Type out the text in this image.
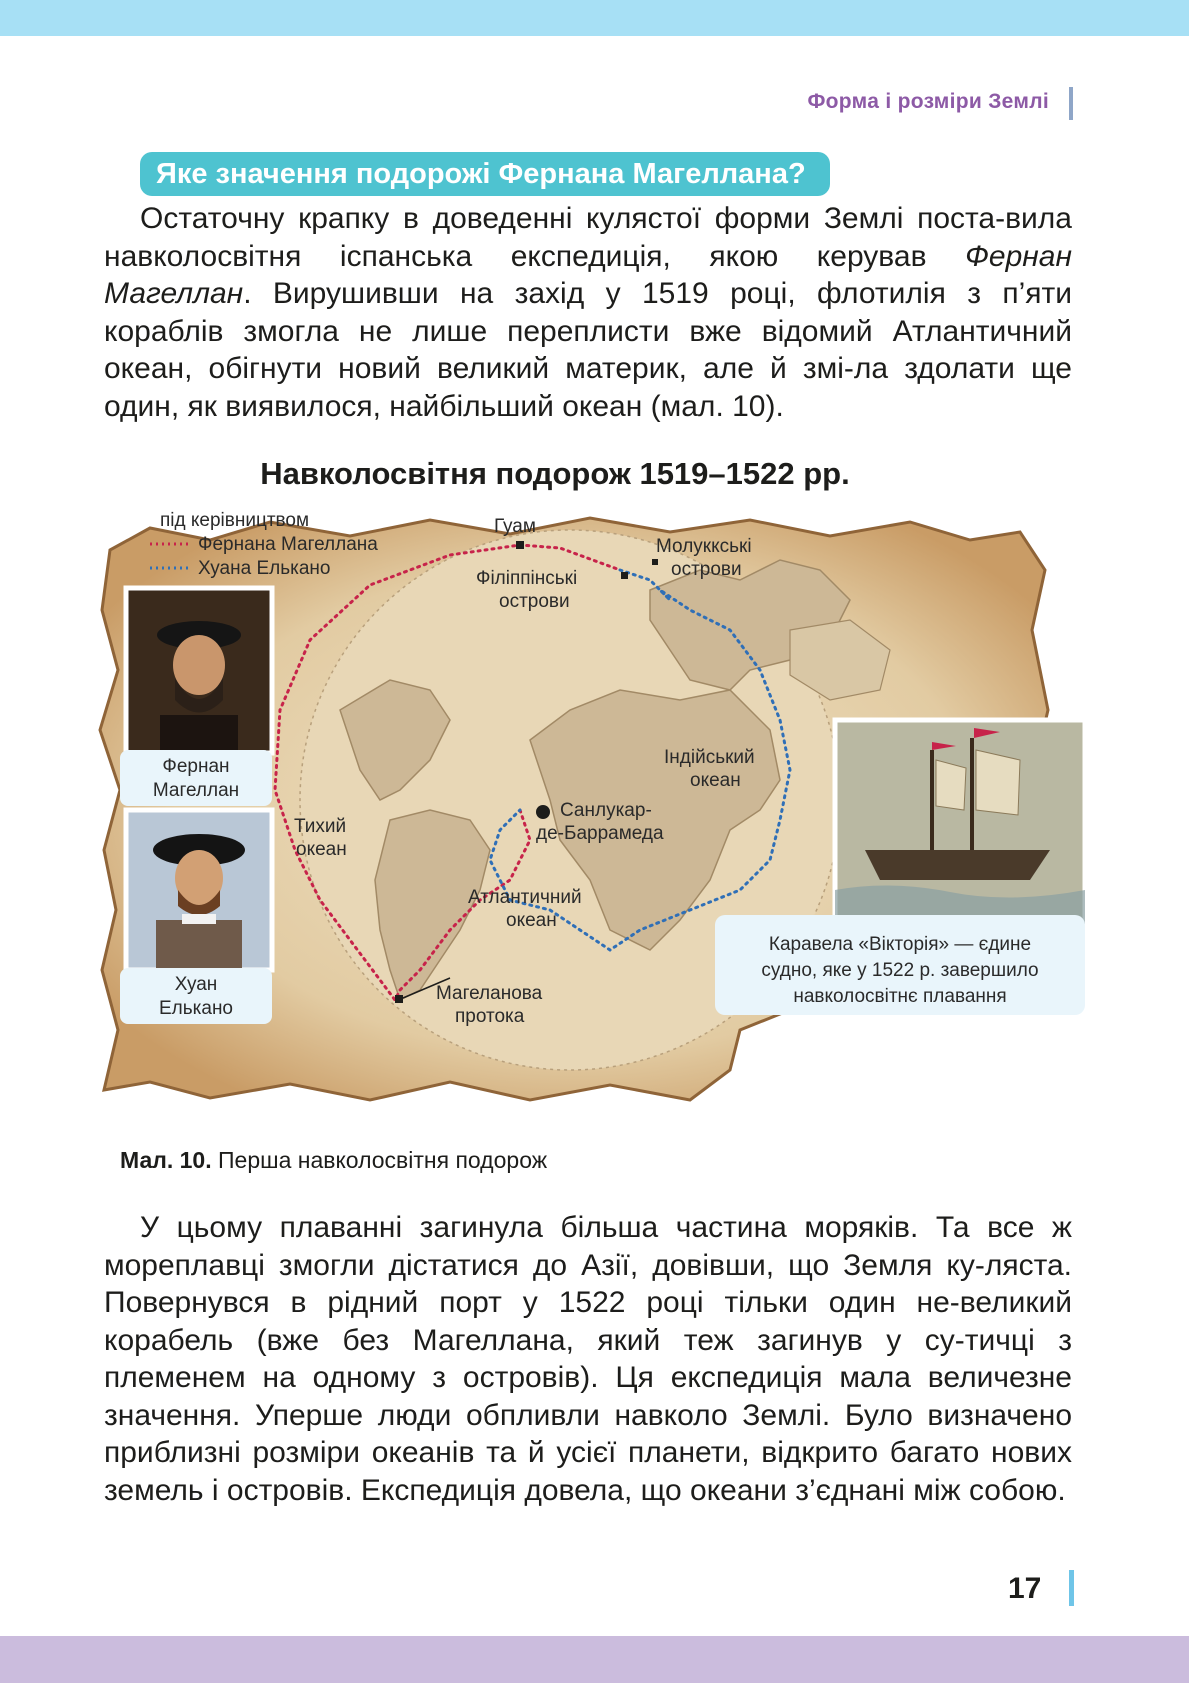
Форма і розміри Землі
Яке значення подорожі Фернана Магеллана?
Остаточну крапку в доведенні кулястої форми Землі поста-вила навколосвітня іспанська експедиція, якою керував Фернан Магеллан. Вирушивши на захід у 1519 році, флотилія з п’яти кораблів змогла не лише переплисти вже відомий Атлантичний океан, обігнути новий великий материк, але й змі-ла здолати ще один, як виявилося, найбільший океан (мал. 10).
Навколосвітня подорож 1519–1522 рр.
під керівництвом
Фернана Магеллана
Хуана Елькано
Гуам
Філіппінські
острови
Молуккські
острови
Індійський
океан
Тихий
океан
Санлукар-
де-Баррамеда
Атлантичний
океан
Магеланова
протока
Фернан
Магеллан
Хуан
Елькано
Каравела «Вікторія» — єдине
судно, яке у 1522 р. завершило
навколосвітнє плавання
Мал. 10. Перша навколосвітня подорож
У цьому плаванні загинула більша частина моряків. Та все ж мореплавці змогли дістатися до Азії, довівши, що Земля ку-ляста. Повернувся в рідний порт у 1522 році тільки один не-великий корабель (вже без Магеллана, який теж загинув у су-тичці з племенем на одному з островів). Ця експедиція мала величезне значення. Уперше люди обпливли навколо Землі. Було визначено приблизні розміри океанів та й усієї планети, відкрито багато нових земель і островів. Експедиція довела, що океани з’єднані між собою.
17
